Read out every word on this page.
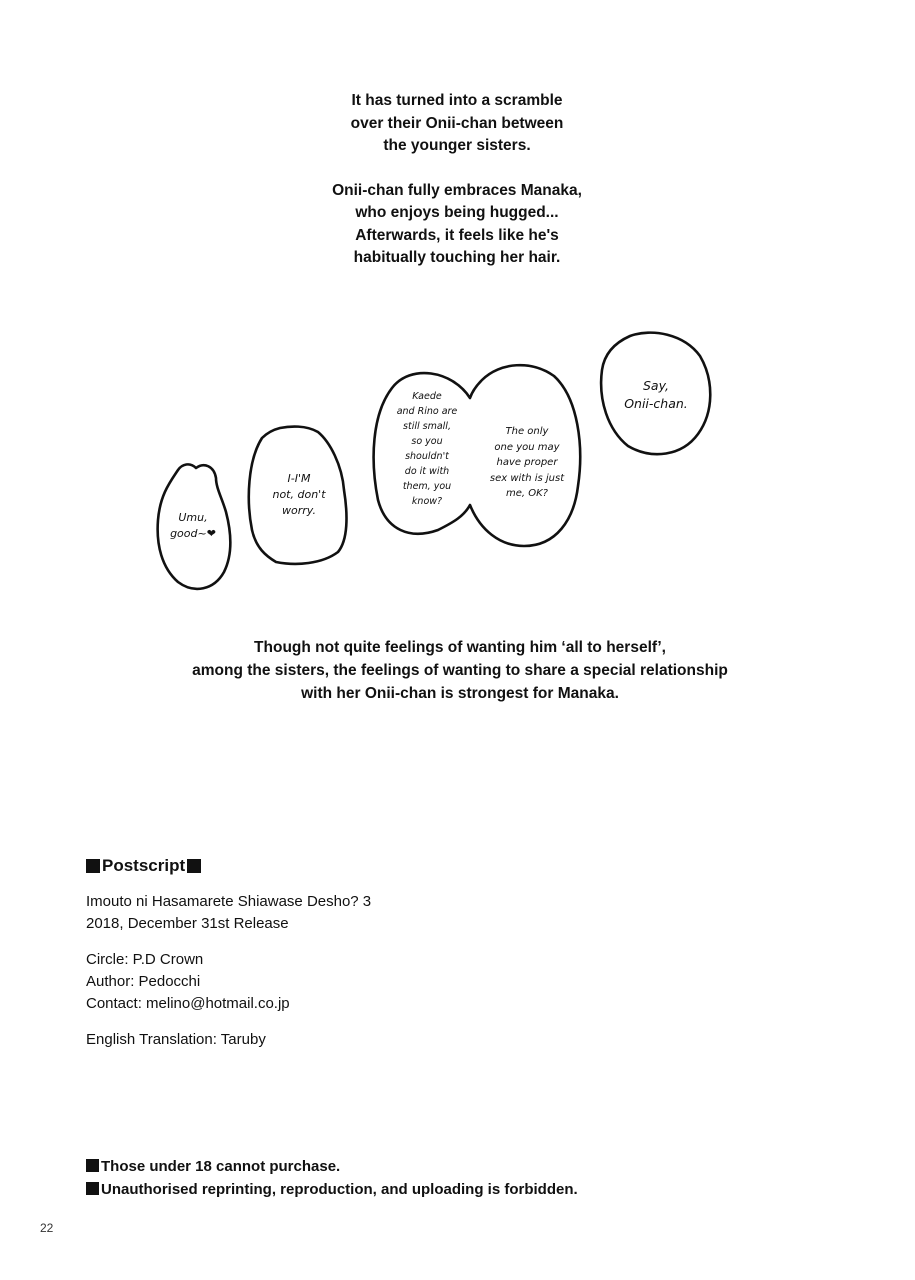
It has turned into a scramble

over their Onii-chan between

the younger sisters.

Onii-chan fully embraces Manaka,

who enjoys being hugged...

Afterwards, it feels like he's

habitually touching her hair.

Umu,
good~❤
I-I'M
not, don't
worry.
Kaede
and Rino are
still small,
so you
shouldn't
do it with
them, you
know?
The only
one you may
have proper
sex with is just
me, OK?
Say,
Onii-chan.

Though not quite feelings of wanting him ‘all to herself’,

among the sisters, the feelings of wanting to share a special relationship

with her Onii-chan is strongest for Manaka.

Postscript

Imouto ni Hasamarete Shiawase Desho? 3

2018, December 31st Release

Circle: P.D Crown

Author: Pedocchi

Contact: melino@hotmail.co.jp

English Translation: Taruby

Those under 18 cannot purchase.

Unauthorised reprinting, reproduction, and uploading is forbidden.

22
